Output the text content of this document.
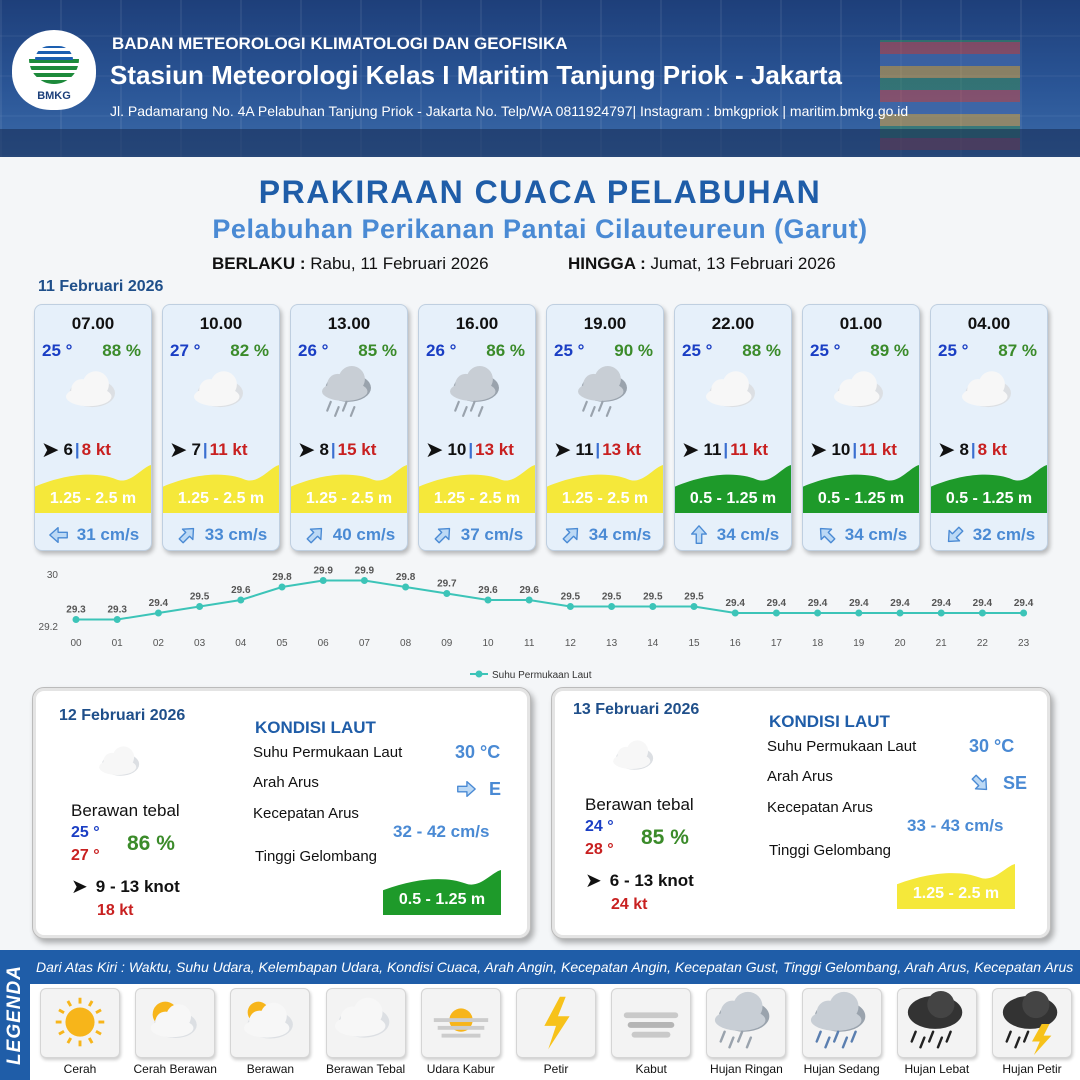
BMKG
BADAN METEOROLOGI KLIMATOLOGI DAN GEOFISIKA
Stasiun Meteorologi Kelas I Maritim Tanjung Priok - Jakarta
Jl. Padamarang No. 4A Pelabuhan Tanjung Priok - Jakarta No. Telp/WA 0811924797| Instagram : bmkgpriok | maritim.bmkg.go.id
PRAKIRAAN CUACA PELABUHAN
Pelabuhan Perikanan Pantai Cilauteureun (Garut)
BERLAKU : Rabu, 11 Februari 2026	HINGGA : Jumat, 13 Februari 2026
11 Februari 2026
07.00
25 ° 88 %
➤ 6 | 8 kt
1.25 - 2.5 m
31 cm/s
10.00
27 ° 82 %
➤ 7 | 11 kt
1.25 - 2.5 m
33 cm/s
13.00
26 ° 85 %
➤ 8 | 15 kt
1.25 - 2.5 m
40 cm/s
16.00
26 ° 86 %
➤ 10 | 13 kt
1.25 - 2.5 m
37 cm/s
19.00
25 ° 90 %
➤ 11 | 13 kt
1.25 - 2.5 m
34 cm/s
22.00
25 ° 88 %
➤ 11 | 11 kt
0.5 - 1.25 m
34 cm/s
01.00
25 ° 89 %
➤ 10 | 11 kt
0.5 - 1.25 m
34 cm/s
04.00
25 ° 87 %
➤ 8 | 8 kt
0.5 - 1.25 m
32 cm/s
30
29.2
29.3
00
29.3
01
29.4
02
29.5
03
29.6
04
29.8
05
29.9
06
29.9
07
29.8
08
29.7
09
29.6
10
29.6
11
29.5
12
29.5
13
29.5
14
29.5
15
29.4
16
29.4
17
29.4
18
29.4
19
29.4
20
29.4
21
29.4
22
29.4
23
Suhu Permukaan Laut
12 Februari 2026
Berawan tebal
25 °
27 °
86 %
➤ 9 - 13 knot
18 kt
KONDISI LAUT
Suhu Permukaan Laut	30 °C
Arah Arus	E
Kecepatan Arus
32 - 42 cm/s
Tinggi Gelombang
0.5 - 1.25 m
13 Februari 2026
Berawan tebal
24 °
28 °
85 %
➤ 6 - 13 knot
24 kt
KONDISI LAUT
Suhu Permukaan Laut	30 °C
Arah Arus	SE
Kecepatan Arus
33 - 43 cm/s
Tinggi Gelombang
1.25 - 2.5 m
LEGENDA Dari Atas Kiri : Waktu, Suhu Udara, Kelembapan Udara, Kondisi Cuaca, Arah Angin, Kecepatan Angin, Kecepatan Gust, Tinggi Gelombang, Arah Arus, Kecepatan Arus
Cerah	Cerah Berawan	Berawan	Berawan Tebal	Udara Kabur	Petir	Kabut	Hujan Ringan	Hujan Sedang	Hujan Lebat	Hujan Petir
